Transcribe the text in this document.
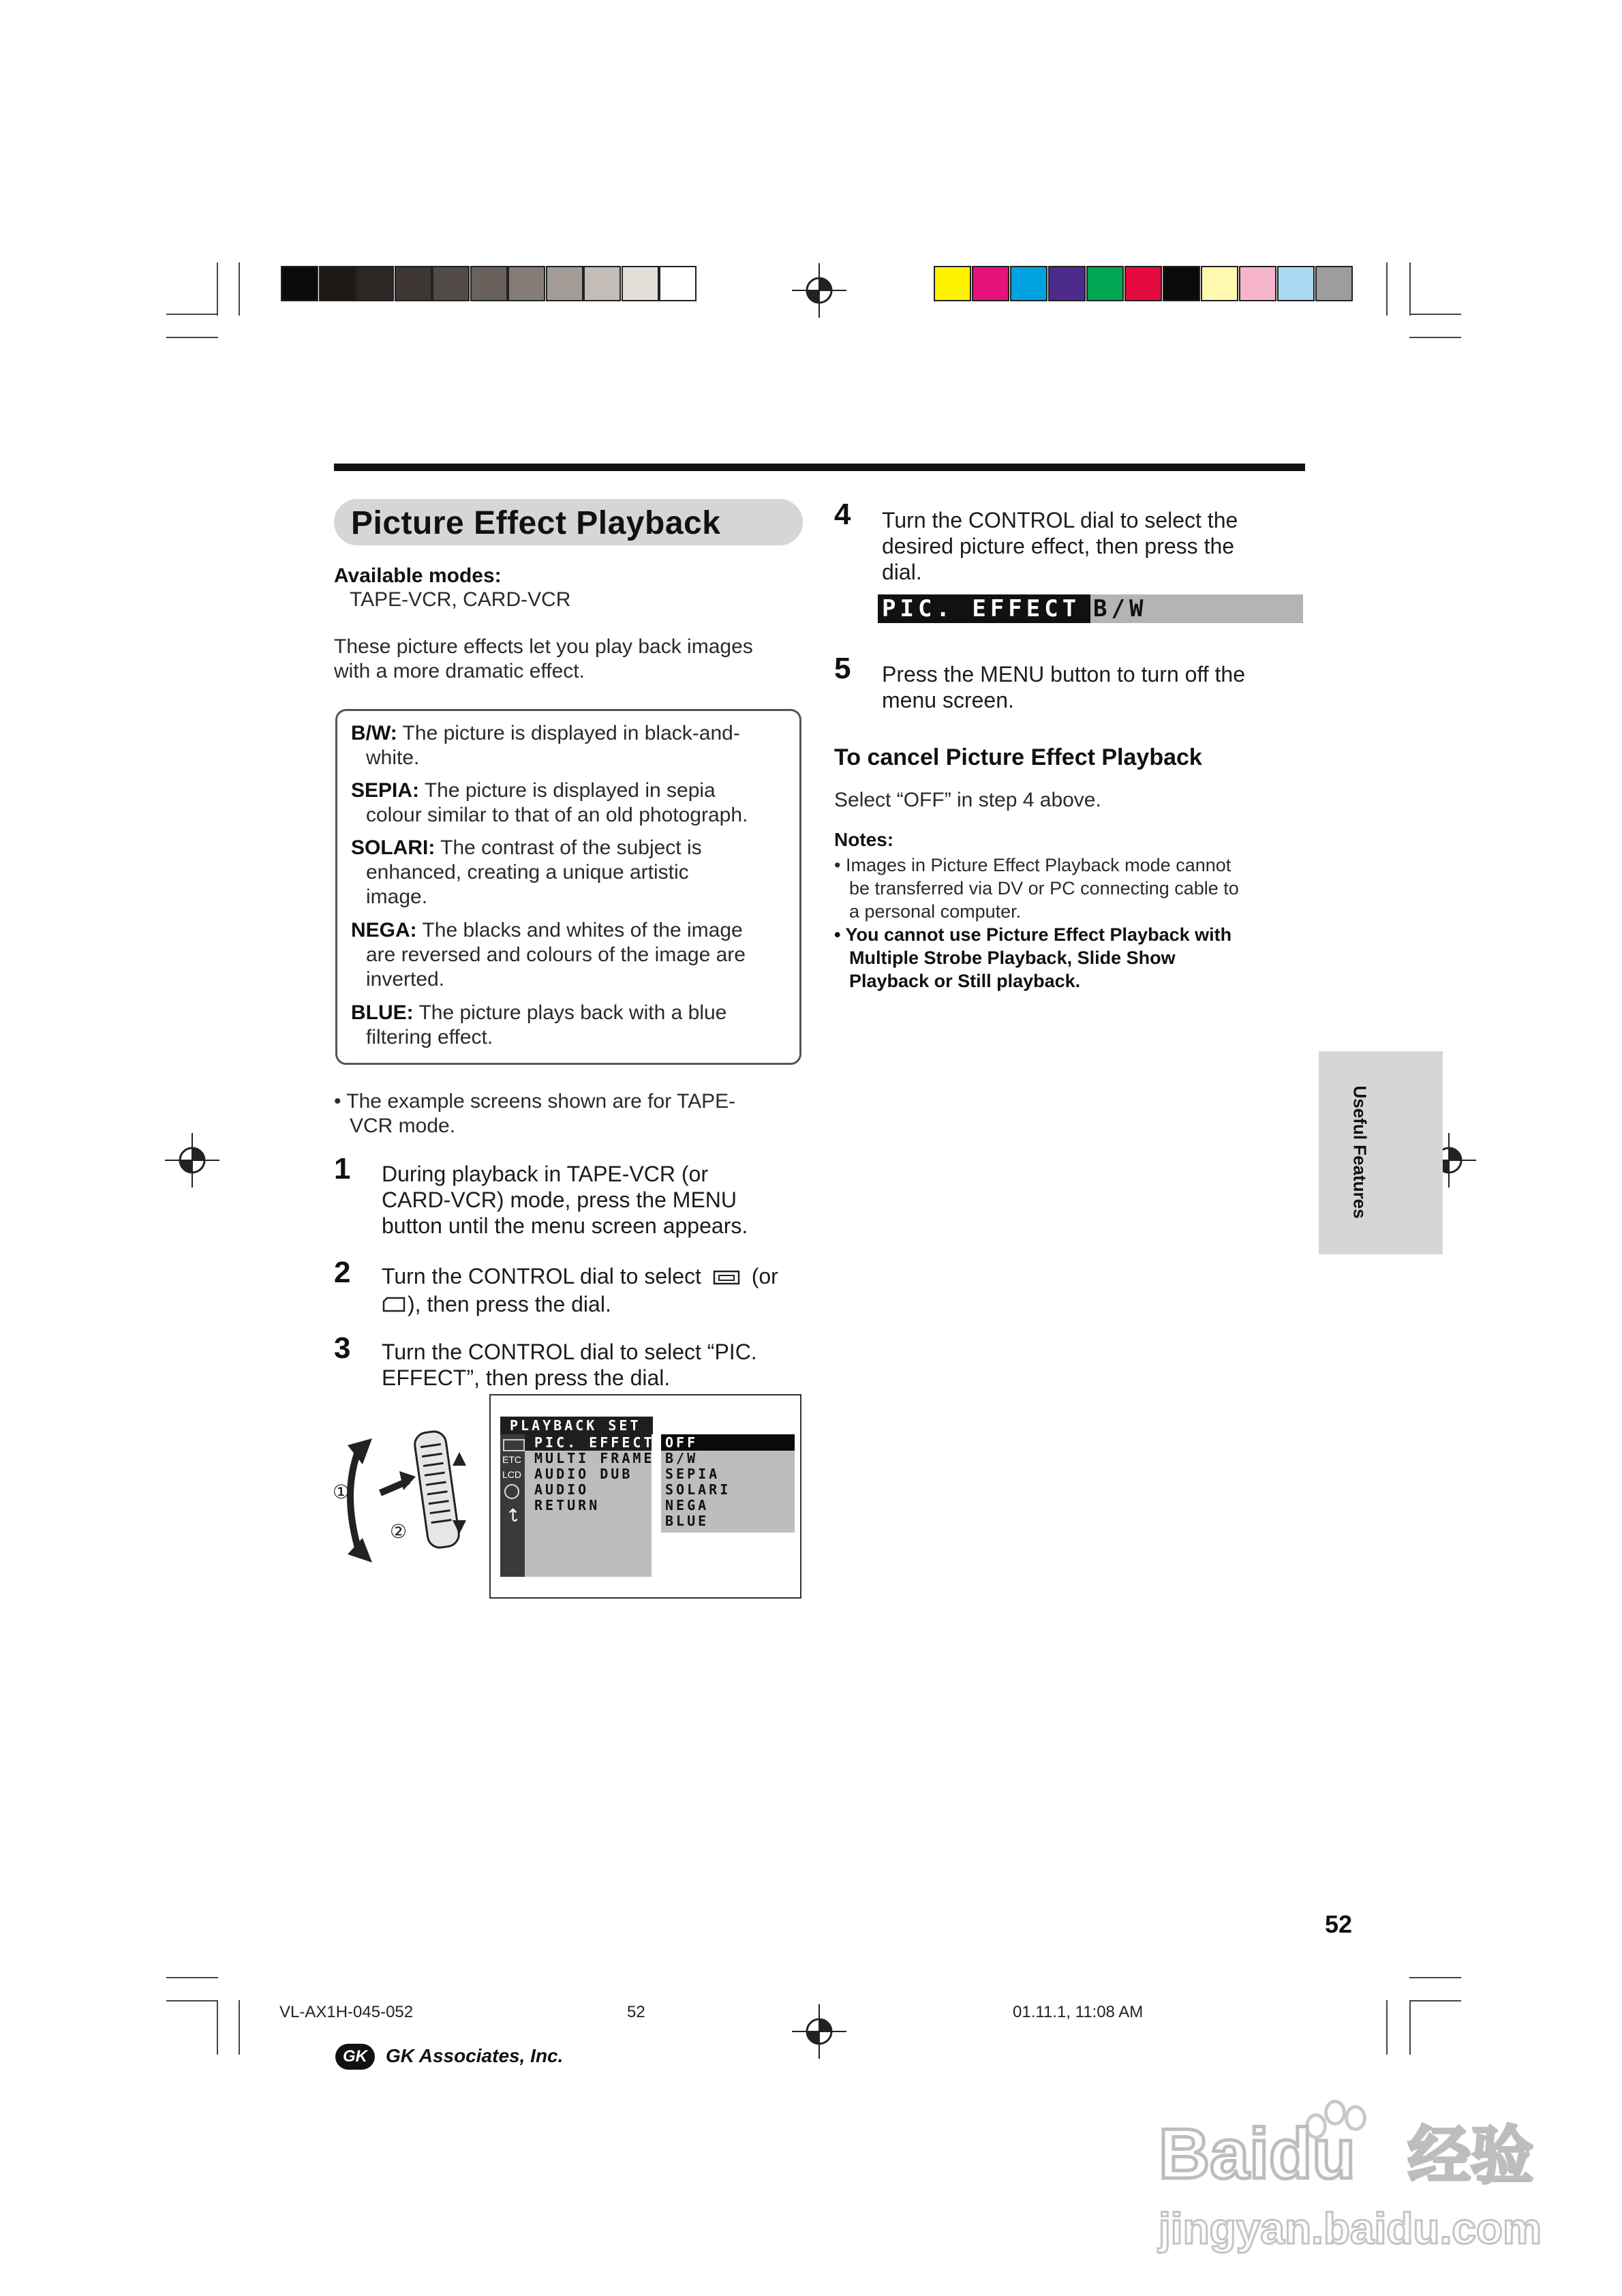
Picture Effect Playback
Available modes:
TAPE-VCR, CARD-VCR
These picture effects let you play back images
with a more dramatic effect.
B/W: The picture is displayed in black-and-
white.
SEPIA: The picture is displayed in sepia
colour similar to that of an old photograph.
SOLARI: The contrast of the subject is
enhanced, creating a unique artistic
image.
NEGA: The blacks and whites of the image
are reversed and colours of the image are
inverted.
BLUE: The picture plays back with a blue
filtering effect.
• The example screens shown are for TAPE-
VCR mode.
1 During playback in TAPE-VCR (or
CARD-VCR) mode, press the MENU
button until the menu screen appears.
2 Turn the CONTROL dial to select (or
), then press the dial.
3 Turn the CONTROL dial to select “PIC.
EFFECT”, then press the dial.
①
②
PLAYBACK SET
ETC
LCD
↩
PIC. EFFECT
MULTI FRAME
AUDIO DUB
AUDIO
RETURN
OFF
B/W
SEPIA
SOLARI
NEGA
BLUE
4 Turn the CONTROL dial to select the
desired picture effect, then press the
dial.
PIC. EFFECT B/W
5 Press the MENU button to turn off the
menu screen.
To cancel Picture Effect Playback
Select “OFF” in step 4 above.
Notes:
• Images in Picture Effect Playback mode cannot
be transferred via DV or PC connecting cable to
a personal computer.
• You cannot use Picture Effect Playback with
Multiple Strobe Playback, Slide Show
Playback or Still playback.
Useful Features
52
VL-AX1H-045-052	52	01.11.1, 11:08 AM
GK GK Associates, Inc.
Baidu 经验
jingyan.baidu.com
